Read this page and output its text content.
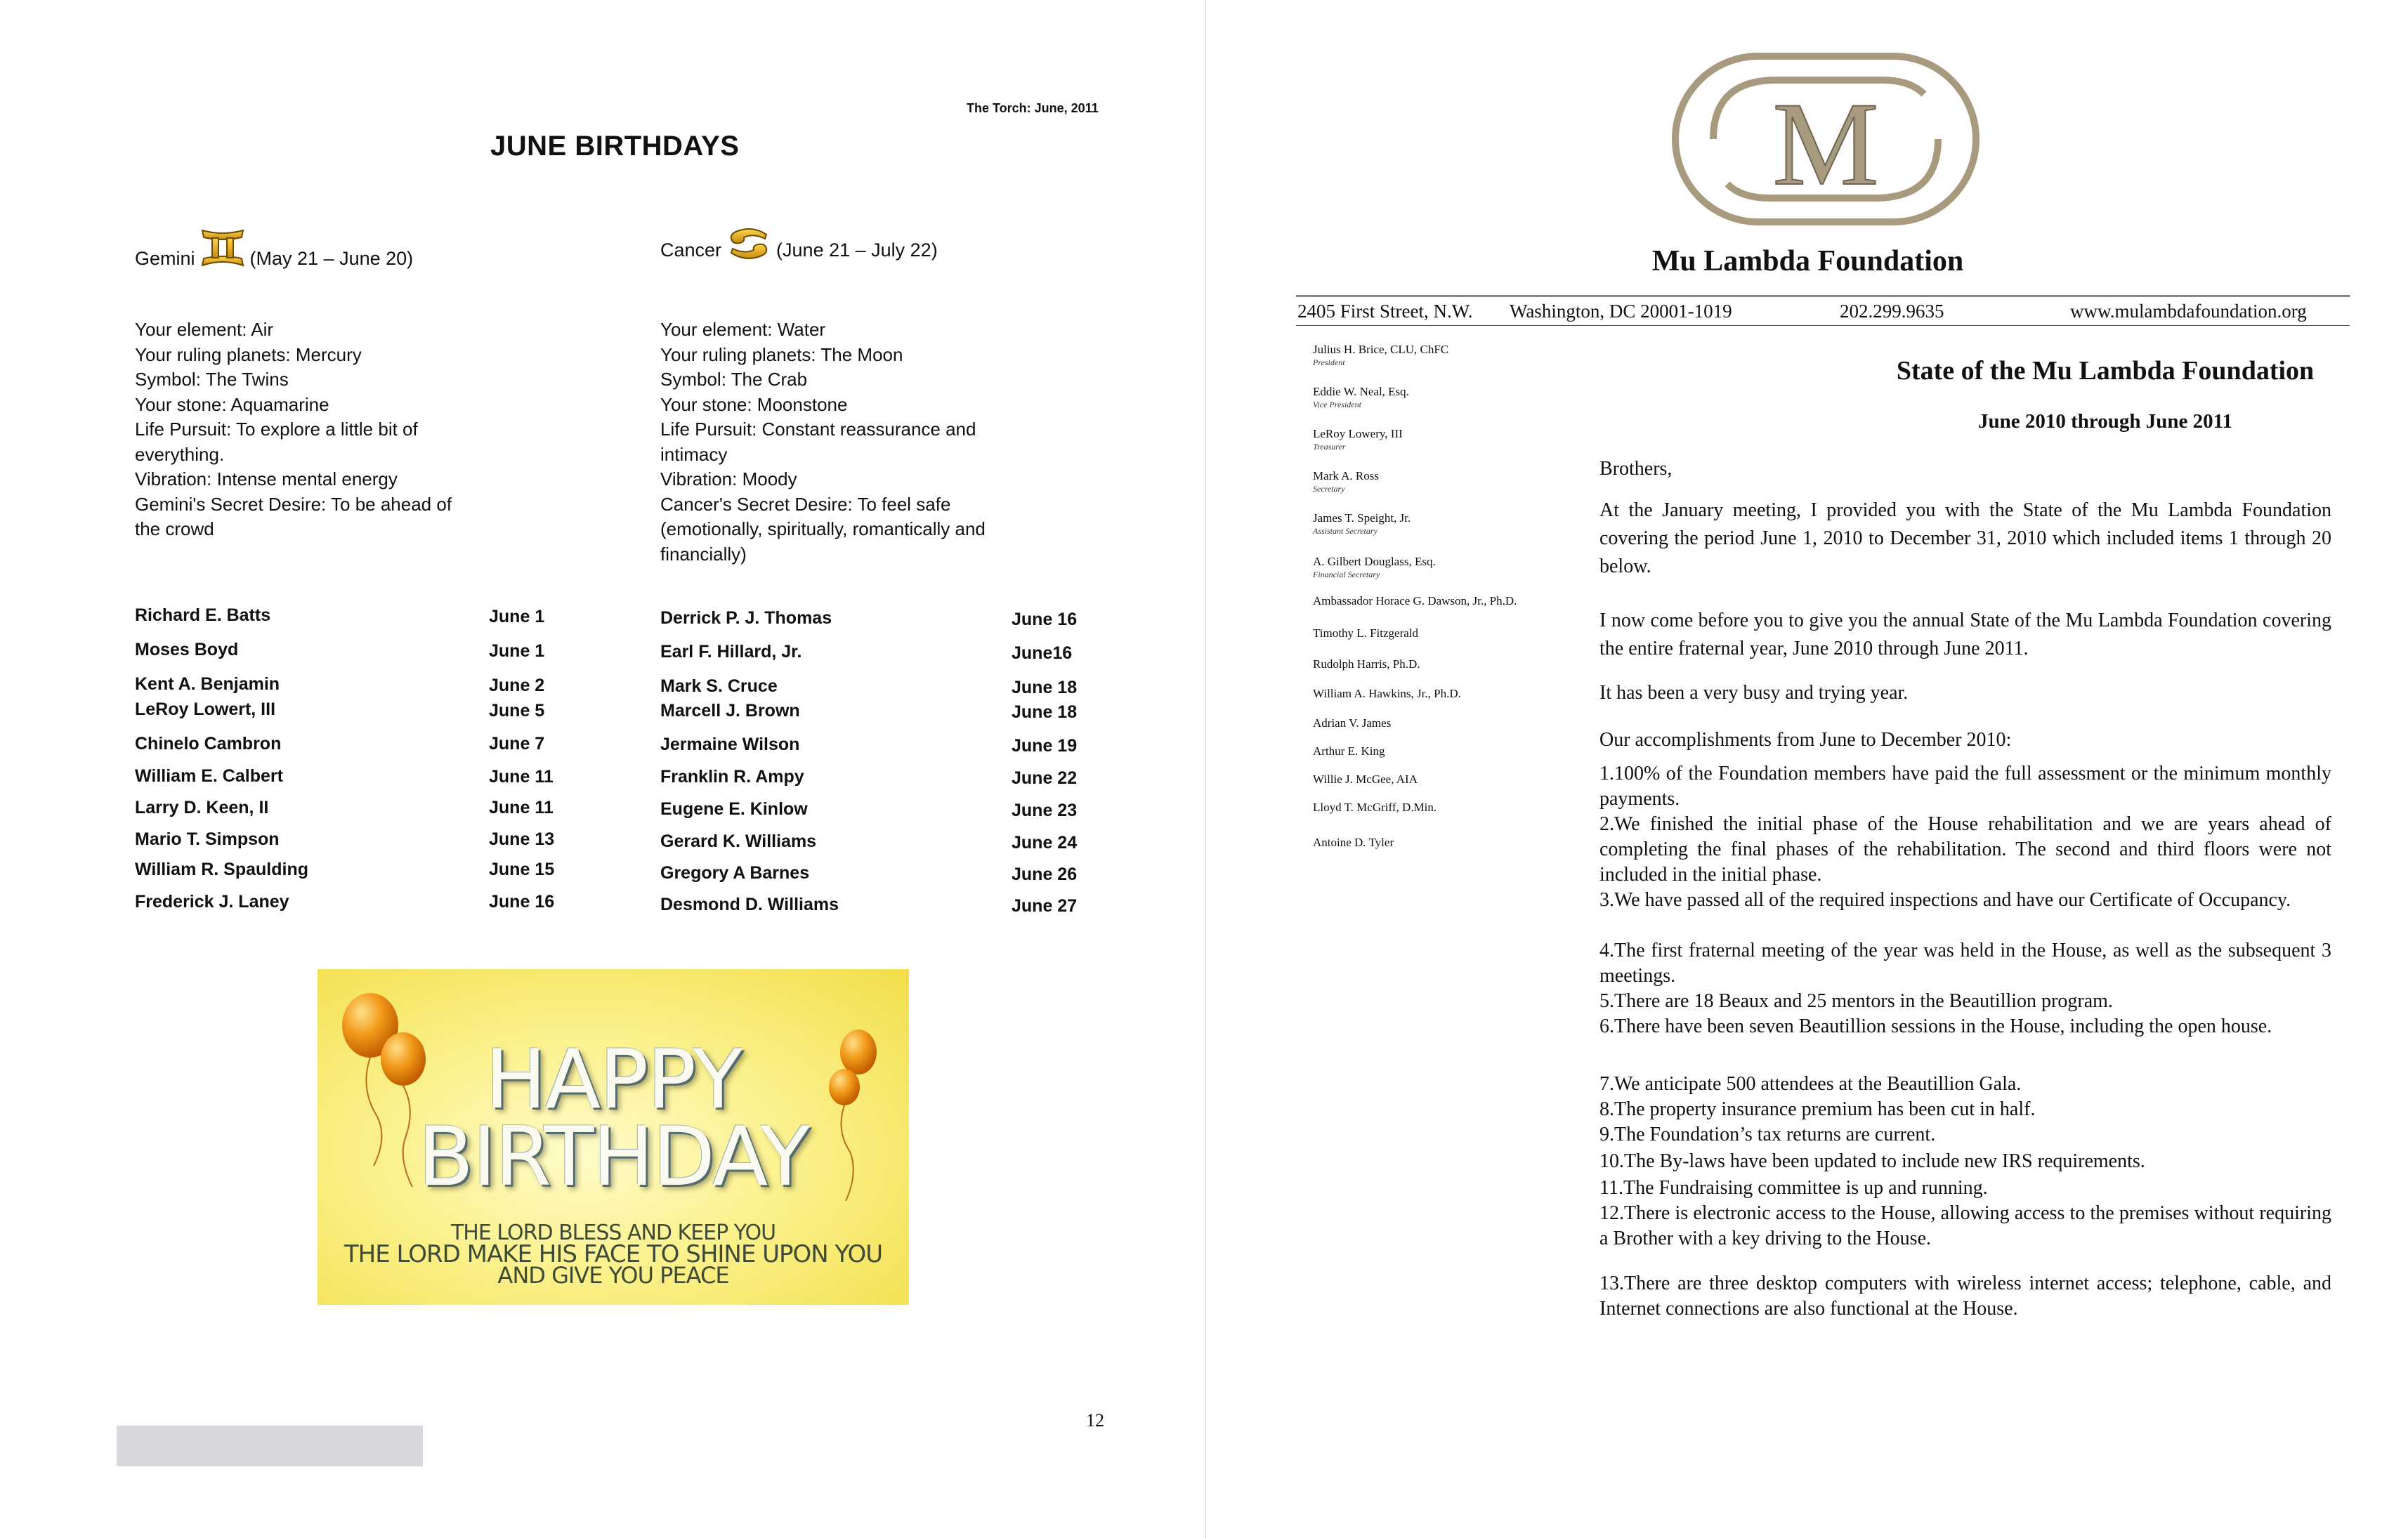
The Torch: June, 2011
JUNE BIRTHDAYS
Gemini	(May 21 – June 20)	Cancer	(June 21 – July 22)
Your element: Air
Your ruling planets: Mercury
Symbol: The Twins
Your stone: Aquamarine
Life Pursuit: To explore a little bit of everything.
Vibration: Intense mental energy
Gemini's Secret Desire: To be ahead of the crowd
Your element: Water
Your ruling planets: The Moon
Symbol: The Crab
Your stone: Moonstone
Life Pursuit: Constant reassurance and intimacy
Vibration: Moody
Cancer's Secret Desire: To feel safe (emotionally, spiritually, romantically and financially)
Richard E. Batts	June 1
Moses Boyd	June 1
Kent A. Benjamin	June 2
LeRoy Lowert, III	June 5
Chinelo Cambron	June 7
William E. Calbert	June 11
Larry D. Keen, II	June 11
Mario T. Simpson	June 13
William R. Spaulding	June 15
Frederick J. Laney	June 16
Derrick P. J. Thomas	June 16
Earl F. Hillard, Jr.	June16
Mark S. Cruce	June 18
Marcell J. Brown	June 18
Jermaine Wilson	June 19
Franklin R. Ampy	June 22
Eugene E. Kinlow	June 23
Gerard K. Williams	June 24
Gregory A Barnes	June 26
Desmond D. Williams	June 27
HAPPY
BIRTHDAY
THE LORD BLESS AND KEEP YOU
THE LORD MAKE HIS FACE TO SHINE UPON YOU
AND GIVE YOU PEACE
12
M
Mu Lambda Foundation
2405 First Street, N.W. Washington, DC 20001-1019	202.299.9635	www.mulambdafoundation.org
Julius H. Brice, CLU, ChFC
President
Eddie W. Neal, Esq.
Vice President
LeRoy Lowery, III
Treasurer
Mark A. Ross
Secretary
James T. Speight, Jr.
Assistant Secretary
A. Gilbert Douglass, Esq.
Financial Secretary
Ambassador Horace G. Dawson, Jr., Ph.D.
Timothy L. Fitzgerald
Rudolph Harris, Ph.D.
William A. Hawkins, Jr., Ph.D.
Adrian V. James
Arthur E. King
Willie J. McGee, AIA
Lloyd T. McGriff, D.Min.
Antoine D. Tyler
State of the Mu Lambda Foundation
June 2010 through June 2011
Brothers,
At the January meeting, I provided you with the State of the Mu Lambda Foundation covering the period June 1, 2010 to December 31, 2010 which included items 1 through 20 below.
I now come before you to give you the annual State of the Mu Lambda Foundation covering the entire fraternal year, June 2010 through June 2011.
It has been a very busy and trying year.
Our accomplishments from June to December 2010:
1.100% of the Foundation members have paid the full assessment or the minimum monthly payments.
2.We finished the initial phase of the House rehabilitation and we are years ahead of completing the final phases of the rehabilitation. The second and third floors were not included in the initial phase.
3.We have passed all of the required inspections and have our Certificate of Occupancy.
4.The first fraternal meeting of the year was held in the House, as well as the subsequent 3 meetings.
5.There are 18 Beaux and 25 mentors in the Beautillion program.
6.There have been seven Beautillion sessions in the House, including the open house.
7.We anticipate 500 attendees at the Beautillion Gala.
8.The property insurance premium has been cut in half.
9.The Foundation’s tax returns are current.
10.The By-laws have been updated to include new IRS requirements.
11.The Fundraising committee is up and running.
12.There is electronic access to the House, allowing access to the premises without requiring a Brother with a key driving to the House.
13.There are three desktop computers with wireless internet access; telephone, cable, and Internet connections are also functional at the House.
